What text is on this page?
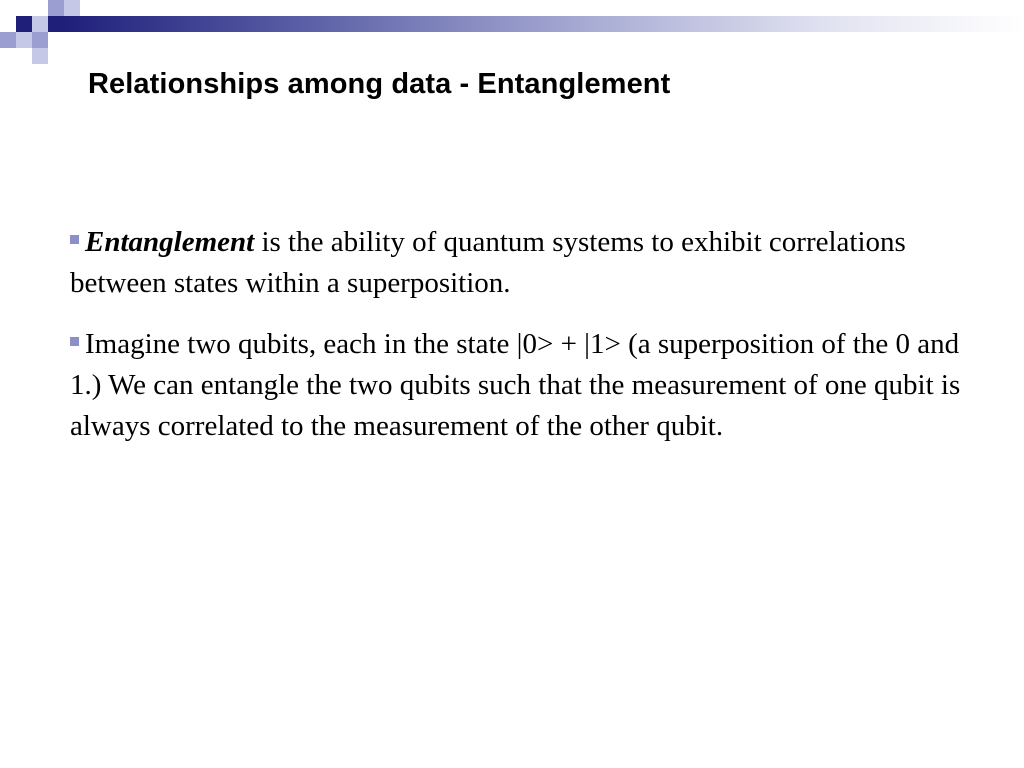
Relationships among data - Entanglement

Entanglement is the ability of quantum systems to exhibit correlations between states within a superposition.

Imagine two qubits, each in the state |0> + |1> (a superposition of the 0 and 1.) We can entangle the two qubits such that the measurement of one qubit is always correlated to the measurement of the other qubit.
